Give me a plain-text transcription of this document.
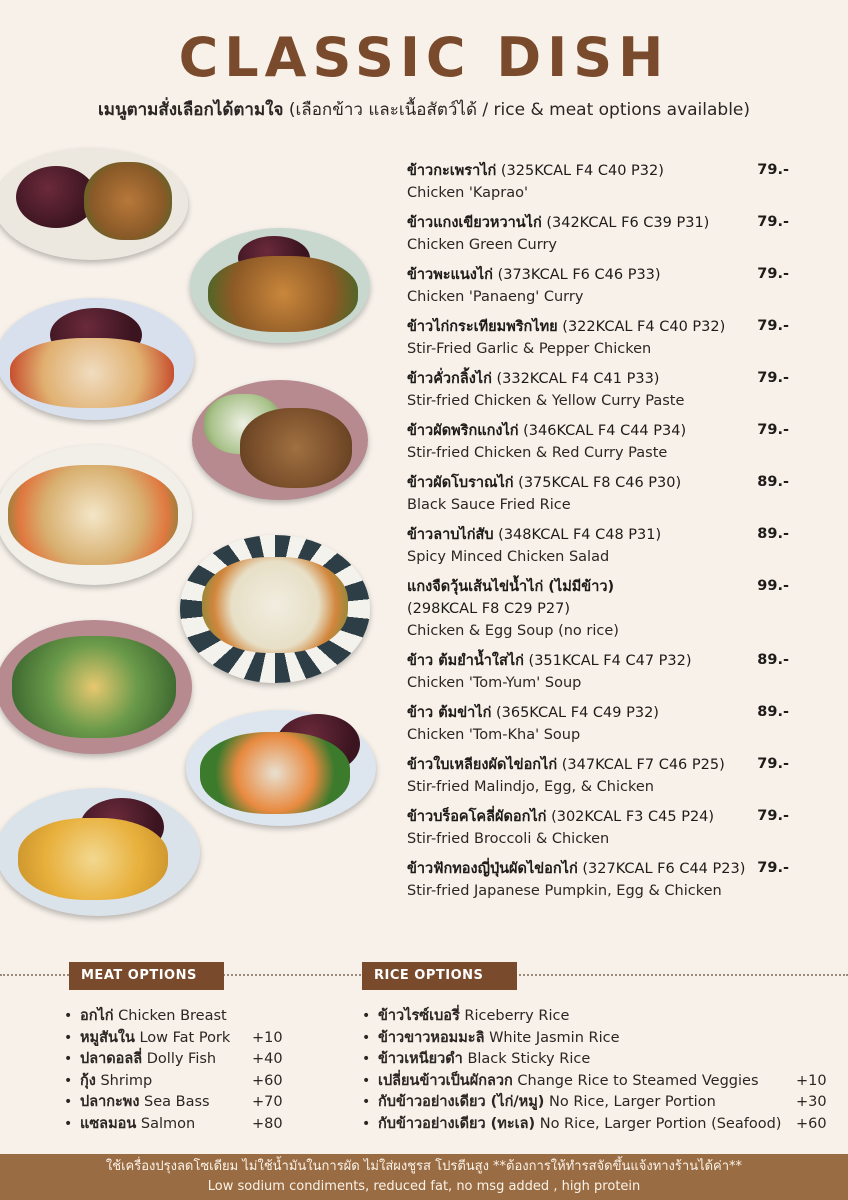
CLASSIC DISH
เมนูตามสั่งเลือกได้ตามใจ (เลือกข้าว และเนื้อสัตว์ได้ / rice & meat options available)
ข้าวกะเพราไก่ (325KCAL F4 C40 P32)
Chicken 'Kaprao'
79.-
ข้าวแกงเขียวหวานไก่ (342KCAL F6 C39 P31)
Chicken Green Curry
79.-
ข้าวพะแนงไก่ (373KCAL F6 C46 P33)
Chicken 'Panaeng' Curry
79.-
ข้าวไก่กระเทียมพริกไทย (322KCAL F4 C40 P32)
Stir-Fried Garlic & Pepper Chicken
79.-
ข้าวคั่วกลิ้งไก่ (332KCAL F4 C41 P33)
Stir-fried Chicken & Yellow Curry Paste
79.-
ข้าวผัดพริกแกงไก่ (346KCAL F4 C44 P34)
Stir-fried Chicken & Red Curry Paste
79.-
ข้าวผัดโบราณไก่ (375KCAL F8 C46 P30)
Black Sauce Fried Rice
89.-
ข้าวลาบไก่สับ (348KCAL F4 C48 P31)
Spicy Minced Chicken Salad
89.-
แกงจืดวุ้นเส้นไข่น้ำไก่ (ไม่มีข้าว)
(298KCAL F8 C29 P27)
Chicken & Egg Soup (no rice)
99.-
ข้าว ต้มยำน้ำใสไก่ (351KCAL F4 C47 P32)
Chicken 'Tom-Yum' Soup
89.-
ข้าว ต้มข่าไก่ (365KCAL F4 C49 P32)
Chicken 'Tom-Kha' Soup
89.-
ข้าวใบเหลียงผัดไข่อกไก่ (347KCAL F7 C46 P25)
Stir-fried Malindjo, Egg, & Chicken
79.-
ข้าวบร็อคโคลี่ผัดอกไก่ (302KCAL F3 C45 P24)
Stir-fried Broccoli & Chicken
79.-
ข้าวฟักทองญี่ปุ่นผัดไข่อกไก่ (327KCAL F6 C44 P23)
Stir-fried Japanese Pumpkin, Egg & Chicken
79.-
MEAT OPTIONS	RICE OPTIONS
• อกไก่ Chicken Breast
• หมูสันใน Low Fat Pork +10
• ปลาดอลลี่ Dolly Fish +40
• กุ้ง Shrimp	+60
• ปลากะพง Sea Bass	+70
• แซลมอน Salmon	+80
• ข้าวไรซ์เบอรี่ Riceberry Rice
• ข้าวขาวหอมมะลิ White Jasmin Rice
• ข้าวเหนียวดำ Black Sticky Rice
• เปลี่ยนข้าวเป็นผักลวก Change Rice to Steamed Veggies	+10
• กับข้าวอย่างเดียว (ไก่/หมู) No Rice, Larger Portion	+30
• กับข้าวอย่างเดียว (ทะเล) No Rice, Larger Portion (Seafood) +60
ใช้เครื่องปรุงลดโซเดียม ไม่ใช้น้ำมันในการผัด ไม่ใส่ผงชูรส โปรตีนสูง **ต้องการให้ทำรสจัดขึ้นแจ้งทางร้านได้ค่า**
Low sodium condiments, reduced fat, no msg added , high protein
